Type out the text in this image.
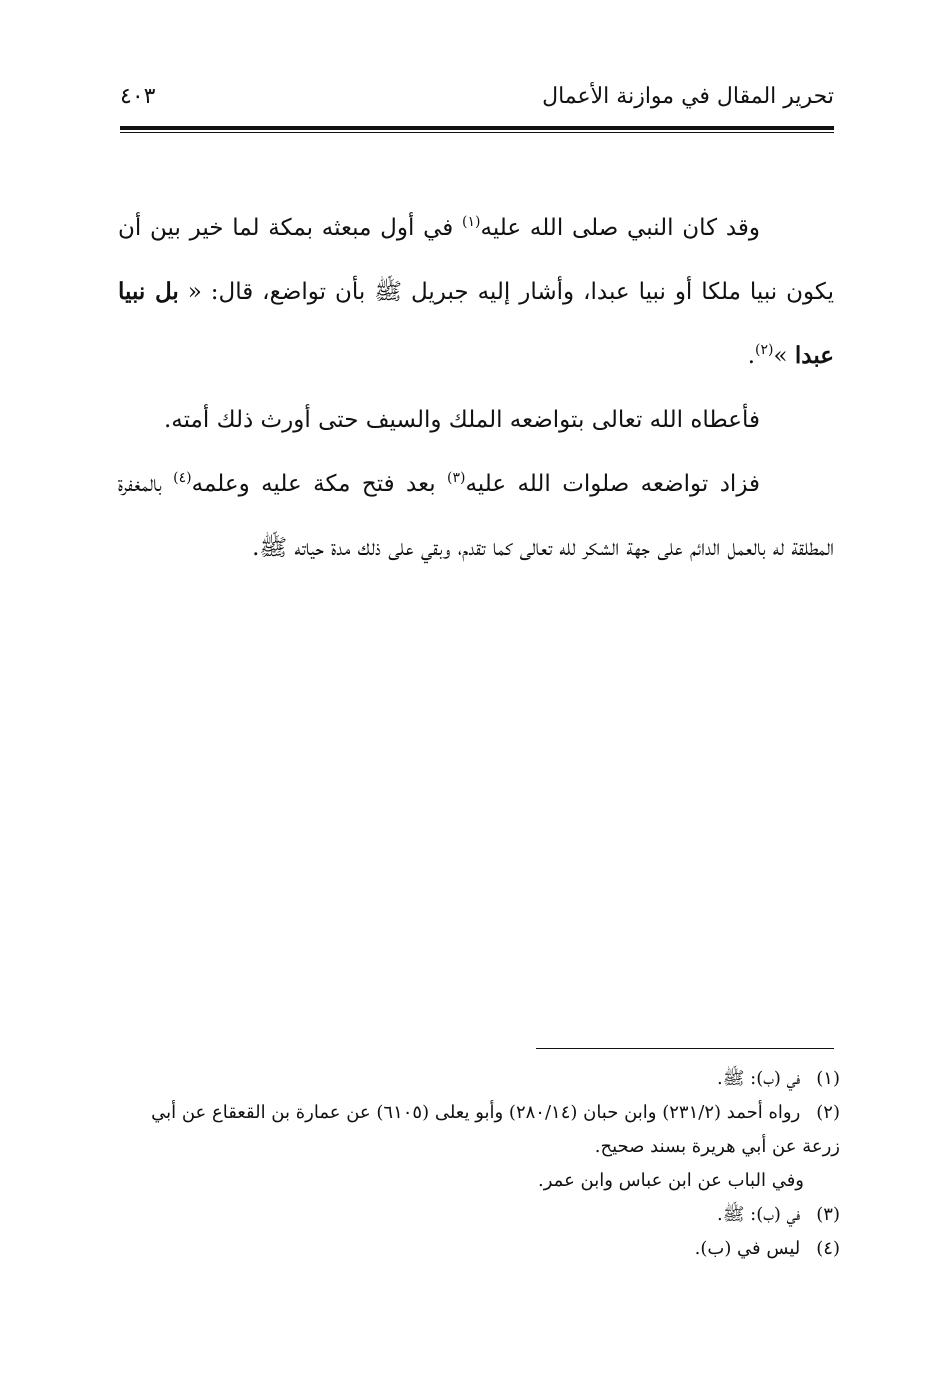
تحرير المقال في موازنة الأعمال
٤٠٣

وقد كان النبي صلى الله عليه$^{(١)}$ في أول مبعثه بمكة لما خير بين أن يكون نبيا ملكا أو نبيا عبدا، وأشار إليه جبريل ﷺ بأن تواضع، قال: « بل نبيا عبدا »$^{(٢)}$.

فأعطاه الله تعالى بتواضعه الملك والسيف حتى أورث ذلك أمته.

فزاد تواضعه صلوات الله عليه$^{(٣)}$ بعد فتح مكة عليه وعلمه$^{(٤)}$ بالمغفرة المطلقة له بالعمل الدائم على جهة الشكر لله تعالى كما تقدم، وبقي على ذلك مدة حياته ﷺ.

(١) في (ب): ﷺ.

(٢) رواه أحمد (٢٣١/٢) وابن حبان (٢٨٠/١٤) وأبو يعلى (٦١٠٥) عن عمارة بن القعقاع عن أبي زرعة عن أبي هريرة بسند صحيح.

وفي الباب عن ابن عباس وابن عمر.

(٣) في (ب): ﷺ.

(٤) ليس في (ب).
